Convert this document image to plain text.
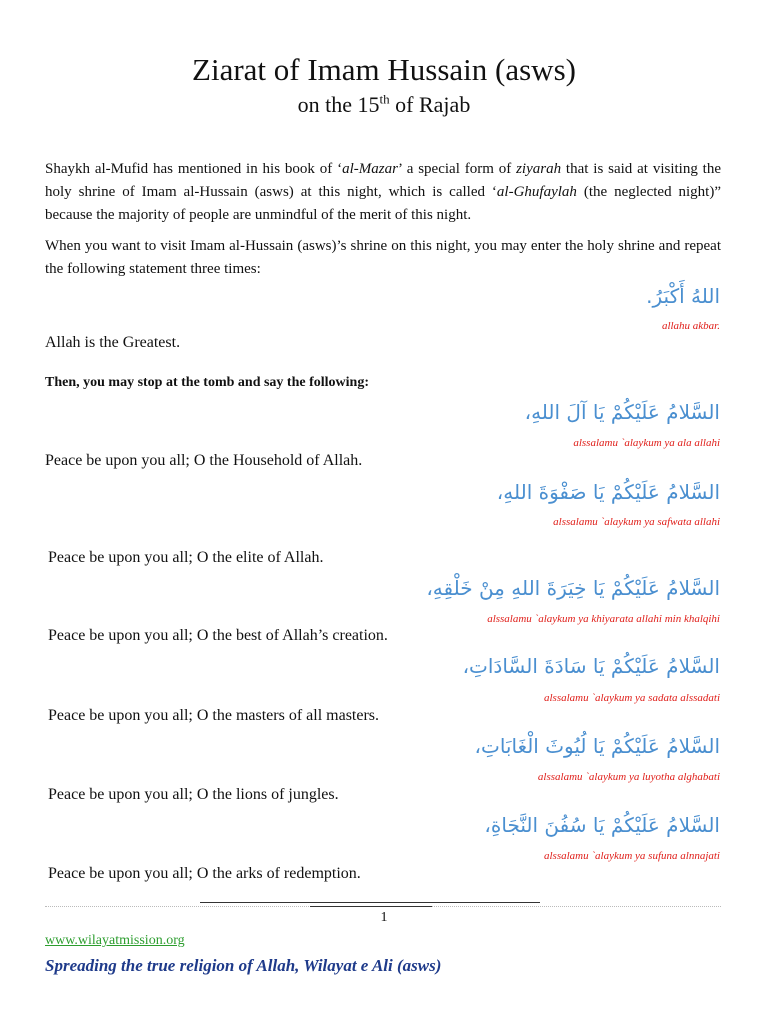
Ziarat of Imam Hussain (asws)
on the 15th of Rajab
Shaykh al-Mufid has mentioned in his book of ‘al-Mazar’ a special form of ziyarah that is said at visiting the holy shrine of Imam al-Hussain (asws) at this night, which is called ‘al-Ghufaylah (the neglected night)” because the majority of people are unmindful of the merit of this night.
When you want to visit Imam al-Hussain (asws)’s shrine on this night, you may enter the holy shrine and repeat the following statement three times:
اللهُ أَكْبَرُ.
allahu akbar.
Allah is the Greatest.
Then, you may stop at the tomb and say the following:
السَّلامُ عَلَيْكُمْ يَا آلَ اللهِ،
alssalamu `alaykum ya ala allahi
Peace be upon you all; O the Household of Allah.
السَّلامُ عَلَيْكُمْ يَا صَفْوَةَ اللهِ،
alssalamu `alaykum ya safwata allahi
Peace be upon you all; O the elite of Allah.
السَّلامُ عَلَيْكُمْ يَا خِيَرَةَ اللهِ مِنْ خَلْقِهِ،
alssalamu `alaykum ya khiyarata allahi min khalqihi
Peace be upon you all; O the best of Allah’s creation.
السَّلامُ عَلَيْكُمْ يَا سَادَةَ السَّادَاتِ،
alssalamu `alaykum ya sadata alssadati
Peace be upon you all; O the masters of all masters.
السَّلامُ عَلَيْكُمْ يَا لُيُوثَ الْغَابَاتِ،
alssalamu `alaykum ya luyotha alghabati
Peace be upon you all; O the lions of jungles.
السَّلامُ عَلَيْكُمْ يَا سُفُنَ النَّجَاةِ،
alssalamu `alaykum ya sufuna alnnajati
Peace be upon you all; O the arks of redemption.
1
www.wilayatmission.org
Spreading the true religion of Allah, Wilayat e Ali (asws)
